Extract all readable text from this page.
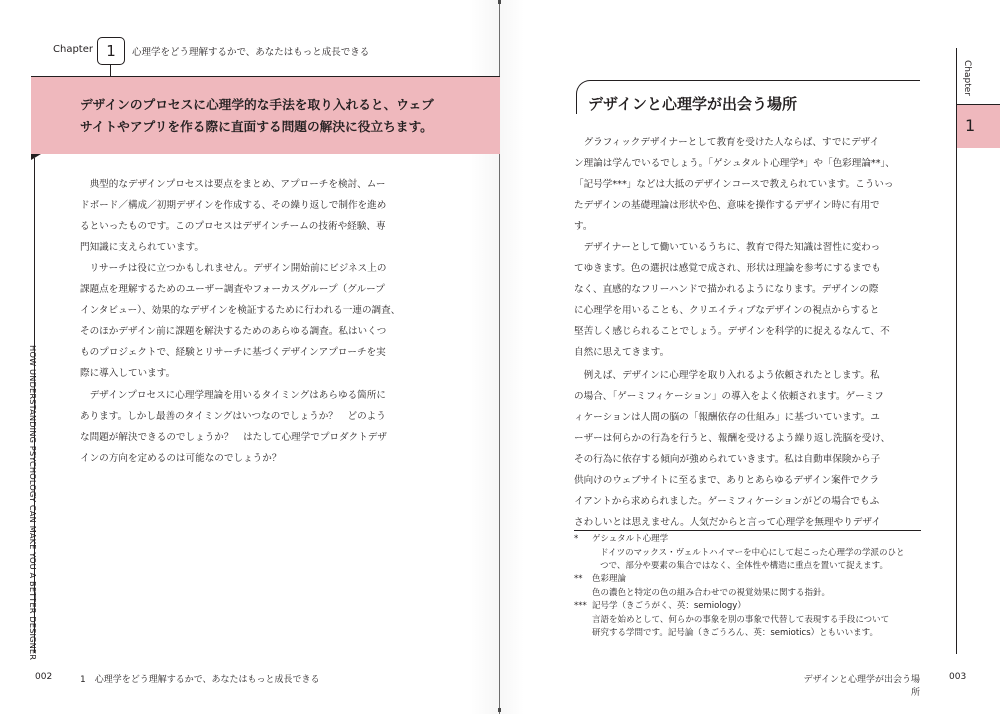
Chapter 1	心理学をどう理解するかで、あなたはもっと成長できる
HOW UNDERSTANDING PSYCHOLOGY CAN MAKE YOU A BETTER DESIGNER
デザインのプロセスに心理学的な手法を取り入れると、ウェブ
サイトやアプリを作る際に直面する問題の解決に役立ちます。
　典型的なデザインプロセスは要点をまとめ、アプローチを検討、ムー
ドボード／構成／初期デザインを作成する、その繰り返しで制作を進め
るといったものです。このプロセスはデザインチームの技術や経験、専
門知識に支えられています。
　リサーチは役に立つかもしれません。デザイン開始前にビジネス上の
課題点を理解するためのユーザー調査やフォーカスグループ（グループ
インタビュー）、効果的なデザインを検証するために行われる一連の調査、
そのほかデザイン前に課題を解決するためのあらゆる調査。私はいくつ
ものプロジェクトで、経験とリサーチに基づくデザインアプローチを実
際に導入しています。
　デザインプロセスに心理学理論を用いるタイミングはあらゆる箇所に
あります。しかし最善のタイミングはいつなのでしょうか？　どのよう
な問題が解決できるのでしょうか？　はたして心理学でプロダクトデザ
インの方向を定めるのは可能なのでしょうか？
002	1　心理学をどう理解するかで、あなたはもっと成長できる
デザインと心理学が出会う場所
　グラフィックデザイナーとして教育を受けた人ならば、すでにデザイ
ン理論は学んでいるでしょう。「ゲシュタルト心理学*」や「色彩理論**」、
「記号学***」などは大抵のデザインコースで教えられています。こういっ
たデザインの基礎理論は形状や色、意味を操作するデザイン時に有用で
す。
　デザイナーとして働いているうちに、教育で得た知識は習性に変わっ
てゆきます。色の選択は感覚で成され、形状は理論を参考にするまでも
なく、直感的なフリーハンドで描かれるようになります。デザインの際
に心理学を用いることも、クリエイティブなデザインの視点からすると
堅苦しく感じられることでしょう。デザインを科学的に捉えるなんて、不
自然に思えてきます。
　例えば、デザインに心理学を取り入れるよう依頼されたとします。私
の場合、「ゲーミフィケーション」の導入をよく依頼されます。ゲーミフ
ィケーションは人間の脳の「報酬依存の仕組み」に基づいています。ユ
ーザーは何らかの行為を行うと、報酬を受けるよう繰り返し洗脳を受け、
その行為に依存する傾向が強められていきます。私は自動車保険から子
供向けのウェブサイトに至るまで、ありとあらゆるデザイン案件でクラ
イアントから求められました。ゲーミフィケーションがどの場合でもふ
さわしいとは思えません。人気だからと言って心理学を無理やりデザイ
* ゲシュタルト心理学
ドイツのマックス・ヴェルトハイマーを中心にして起こった心理学の学派のひと
つで、部分や要素の集合ではなく、全体性や構造に重点を置いて捉えます。
** 色彩理論
色の濃色と特定の色の組み合わせでの視覚効果に関する指針。
*** 記号学（きごうがく、英：semiology）
言語を始めとして、何らかの事象を別の事象で代替して表現する手段について
研究する学問です。記号論（きごうろん、英：semiotics）ともいいます。
デザインと心理学が出会う場所
003
Chapter
1
